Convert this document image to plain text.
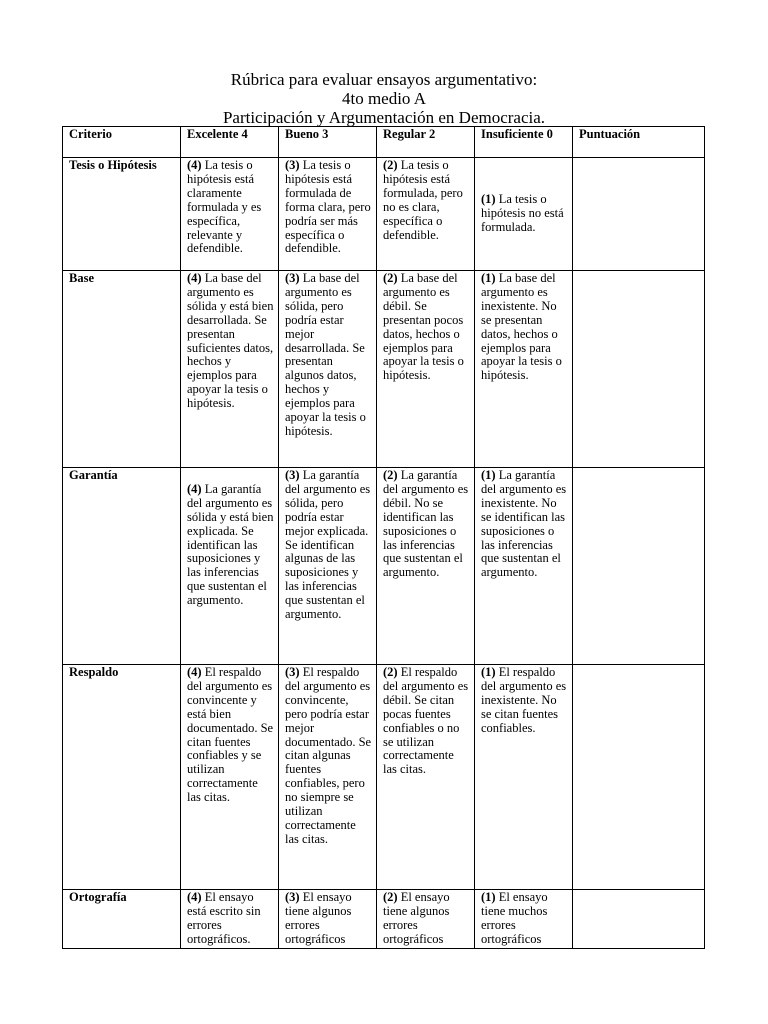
Rúbrica para evaluar ensayos argumentativo:
4to medio A
Participación y Argumentación en Democracia.
Criterio	Excelente 4	Bueno 3	Regular 2	Insuficiente 0	Puntuación
Tesis o Hipótesis	(4) La tesis o hipótesis está claramente formulada y es específica, relevante y defendible.	(3) La tesis o hipótesis está formulada de forma clara, pero podría ser más específica o defendible.	(2) La tesis o hipótesis está formulada, pero no es clara, específica o defendible.	(1) La tesis o hipótesis no está formulada.	
Base	(4) La base del argumento es sólida y está bien desarrollada. Se presentan suficientes datos, hechos y ejemplos para apoyar la tesis o hipótesis.	(3) La base del argumento es sólida, pero podría estar mejor desarrollada. Se presentan algunos datos, hechos y ejemplos para apoyar la tesis o hipótesis.	(2) La base del argumento es débil. Se presentan pocos datos, hechos o ejemplos para apoyar la tesis o hipótesis.	(1) La base del argumento es inexistente. No se presentan datos, hechos o ejemplos para apoyar la tesis o hipótesis.	
Garantía	(4) La garantía del argumento es sólida y está bien explicada. Se identifican las suposiciones y las inferencias que sustentan el argumento.	(3) La garantía del argumento es sólida, pero podría estar mejor explicada. Se identifican algunas de las suposiciones y las inferencias que sustentan el argumento.	(2) La garantía del argumento es débil. No se identifican las suposiciones o las inferencias que sustentan el argumento.	(1) La garantía del argumento es inexistente. No se identifican las suposiciones o las inferencias que sustentan el argumento.	
Respaldo	(4) El respaldo del argumento es convincente y está bien documentado. Se citan fuentes confiables y se utilizan correctamente las citas.	(3) El respaldo del argumento es convincente, pero podría estar mejor documentado. Se citan algunas fuentes confiables, pero no siempre se utilizan correctamente las citas.	(2) El respaldo del argumento es débil. Se citan pocas fuentes confiables o no se utilizan correctamente las citas.	(1) El respaldo del argumento es inexistente. No se citan fuentes confiables.	
Ortografía	(4) El ensayo está escrito sin errores ortográficos.	(3) El ensayo tiene algunos errores ortográficos	(2) El ensayo tiene algunos errores ortográficos	(1) El ensayo tiene muchos errores ortográficos	
